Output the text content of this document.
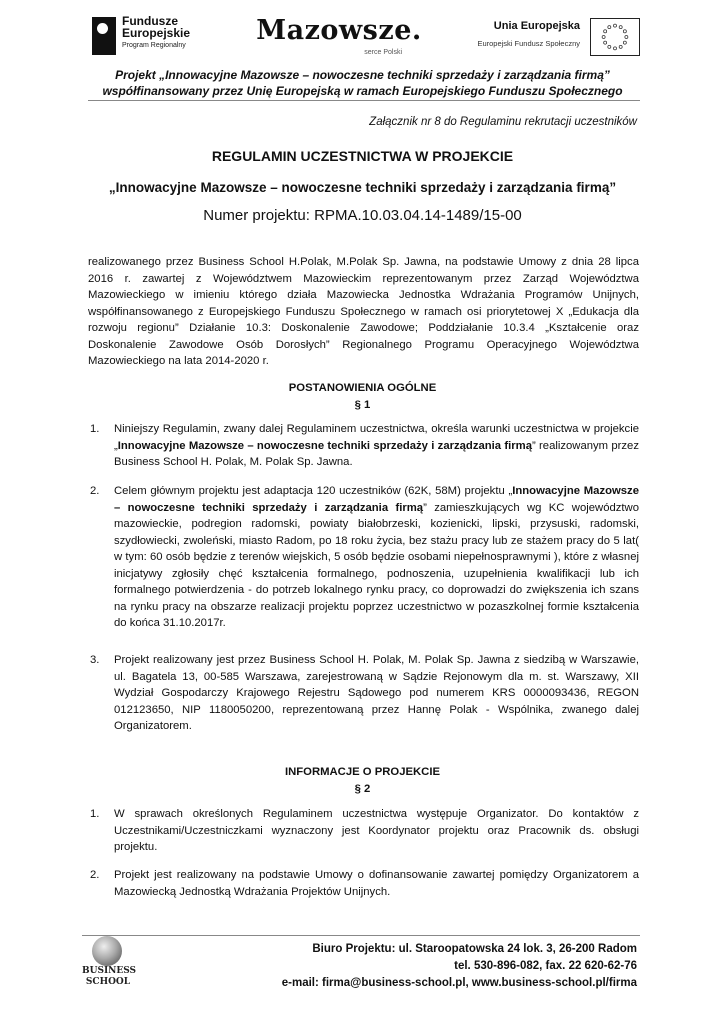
Fundusze
Europejskie
Program Regionalny	Mazowsze.
serce Polski
Unia Europejska
Europejski Fundusz Społeczny
Projekt „Innowacyjne Mazowsze – nowoczesne techniki sprzedaży i zarządzania firmą”
współfinansowany przez Unię Europejską w ramach Europejskiego Funduszu Społecznego
Załącznik nr 8 do Regulaminu rekrutacji uczestników
REGULAMIN UCZESTNICTWA W PROJEKCIE
„Innowacyjne Mazowsze – nowoczesne techniki sprzedaży i zarządzania firmą”
Numer projektu: RPMA.10.03.04.14-1489/15-00
realizowanego przez Business School H.Polak, M.Polak Sp. Jawna, na podstawie Umowy z dnia 28 lipca 2016 r. zawartej z Województwem Mazowieckim reprezentowanym przez Zarząd Województwa Mazowieckiego w imieniu którego działa Mazowiecka Jednostka Wdrażania Programów Unijnych, współfinansowanego z Europejskiego Funduszu Społecznego w ramach osi priorytetowej X „Edukacja dla rozwoju regionu” Działanie 10.3: Doskonalenie Zawodowe; Poddziałanie 10.3.4 „Kształcenie oraz Doskonalenie Zawodowe Osób Dorosłych” Regionalnego Programu Operacyjnego Województwa Mazowieckiego na lata 2014-2020 r.
POSTANOWIENIA OGÓLNE
§ 1
1. Niniejszy Regulamin, zwany dalej Regulaminem uczestnictwa, określa warunki uczestnictwa w projekcie „Innowacyjne Mazowsze – nowoczesne techniki sprzedaży i zarządzania firmą” realizowanym przez Business School H. Polak, M. Polak Sp. Jawna.
2. Celem głównym projektu jest adaptacja 120 uczestników (62K, 58M) projektu „Innowacyjne Mazowsze – nowoczesne techniki sprzedaży i zarządzania firmą” zamieszkujących wg KC województwo mazowieckie, podregion radomski, powiaty białobrzeski, kozienicki, lipski, przysuski, radomski, szydłowiecki, zwoleński, miasto Radom, po 18 roku życia, bez stażu pracy lub ze stażem pracy do 5 lat( w tym: 60 osób będzie z terenów wiejskich, 5 osób będzie osobami niepełnosprawnymi ), które z własnej inicjatywy zgłosiły chęć kształcenia formalnego, podnoszenia, uzupełnienia kwalifikacji lub ich formalnego potwierdzenia - do potrzeb lokalnego rynku pracy, co doprowadzi do zwiększenia ich szans na rynku pracy na obszarze realizacji projektu poprzez uczestnictwo w pozaszkolnej formie kształcenia do końca 31.10.2017r.
3. Projekt realizowany jest przez Business School H. Polak, M. Polak Sp. Jawna z siedzibą w Warszawie, ul. Bagatela 13, 00-585 Warszawa, zarejestrowaną w Sądzie Rejonowym dla m. st. Warszawy, XII Wydział Gospodarczy Krajowego Rejestru Sądowego pod numerem KRS 0000093436, REGON 012123650, NIP 1180050200, reprezentowaną przez Hannę Polak - Wspólnika, zwanego dalej Organizatorem.
INFORMACJE O PROJEKCIE
§ 2
1. W sprawach określonych Regulaminem uczestnictwa występuje Organizator. Do kontaktów z Uczestnikami/Uczestniczkami wyznaczony jest Koordynator projektu oraz Pracownik ds. obsługi projektu.
2. Projekt jest realizowany na podstawie Umowy o dofinansowanie zawartej pomiędzy Organizatorem a Mazowiecką Jednostką Wdrażania Projektów Unijnych.
BUSINESS
SCHOOL
Biuro Projektu: ul. Staroopatowska 24 lok. 3, 26-200 Radom
tel. 530-896-082, fax. 22 620-62-76
e-mail: firma@business-school.pl, www.business-school.pl/firma
